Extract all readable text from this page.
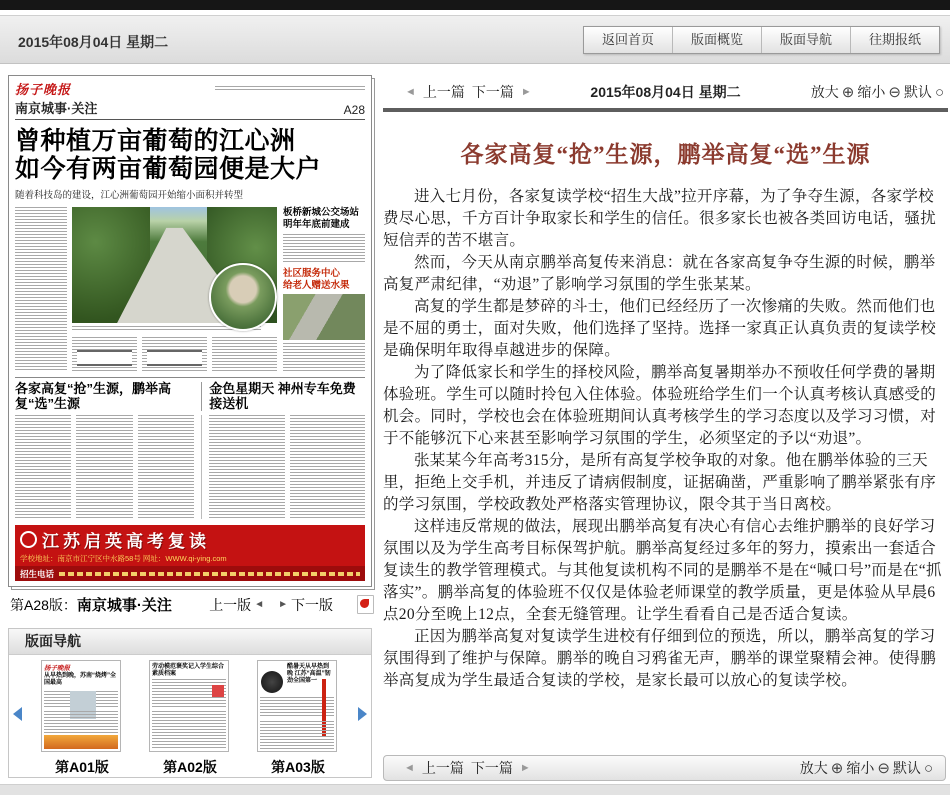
2015年08月04日 星期二	返回首页	版面概览	版面导航	往期报纸
扬子晚报
南京城事·关注	A28
曾种植万亩葡萄的江心洲
如今有两亩葡萄园便是大户
随着科技岛的建设，江心洲葡萄园开始缩小面积并转型
板桥新城公交场站
明年年底前建成
社区服务中心
给老人赠送水果
各家高复“抢”生源，鹏举高复“选”生源
金色星期天 神州专车免费接送机
江苏启英高考复读
学校地址：南京市江宁区中水路58号 网址：WWW.qi-ying.com
招生电话
第A28版： 南京城事·关注	上一版 ◄ ► 下一版
版面导航
扬子晚报
从早热到晚，苏南“烧烤”全国最高
第A01版
劳动模范褒奖记入学生综合素质档案
第A02版
酷暑天从早热到晚 江苏“高温”韧劲全国第一
第A03版
◄ 上一篇 下一篇 ►	2015年08月04日 星期二	放大 ⊕ 缩小 ⊖ 默认 ○
各家高复“抢”生源，鹏举高复“选”生源

进入七月份，各家复读学校“招生大战”拉开序幕，为了争夺生源，各家学校费尽心思，千方百计争取家长和学生的信任。很多家长也被各类回访电话，骚扰短信弄的苦不堪言。

然而，今天从南京鹏举高复传来消息：就在各家高复争夺生源的时候，鹏举高复严肃纪律，“劝退”了影响学习氛围的学生张某某。

高复的学生都是梦碎的斗士，他们已经经历了一次惨痛的失败。然而他们也是不屈的勇士，面对失败，他们选择了坚持。选择一家真正认真负责的复读学校是确保明年取得卓越进步的保障。

为了降低家长和学生的择校风险，鹏举高复暑期举办不预收任何学费的暑期体验班。学生可以随时拎包入住体验。体验班给学生们一个认真考核认真感受的机会。同时，学校也会在体验班期间认真考核学生的学习态度以及学习习惯，对于不能够沉下心来甚至影响学习氛围的学生，必须坚定的予以“劝退”。

张某某今年高考315分，是所有高复学校争取的对象。他在鹏举体验的三天里，拒绝上交手机，并违反了请病假制度，证据确凿，严重影响了鹏举紧张有序的学习氛围，学校政教处严格落实管理协议，限令其于当日离校。

这样违反常规的做法，展现出鹏举高复有决心有信心去维护鹏举的良好学习氛围以及为学生高考目标保驾护航。鹏举高复经过多年的努力，摸索出一套适合复读生的教学管理模式。与其他复读机构不同的是鹏举不是在“喊口号”而是在“抓落实”。鹏举高复的体验班不仅仅是体验老师课堂的教学质量，更是体验从早晨6点20分至晚上12点，全套无缝管理。让学生看看自己是否适合复读。

正因为鹏举高复对复读学生进校有仔细到位的预选，所以，鹏举高复的学习氛围得到了维护与保障。鹏举的晚自习鸦雀无声，鹏举的课堂聚精会神。使得鹏举高复成为学生最适合复读的学校，是家长最可以放心的复读学校。

◄ 上一篇 下一篇 ►	放大 ⊕ 缩小 ⊖ 默认 ○
